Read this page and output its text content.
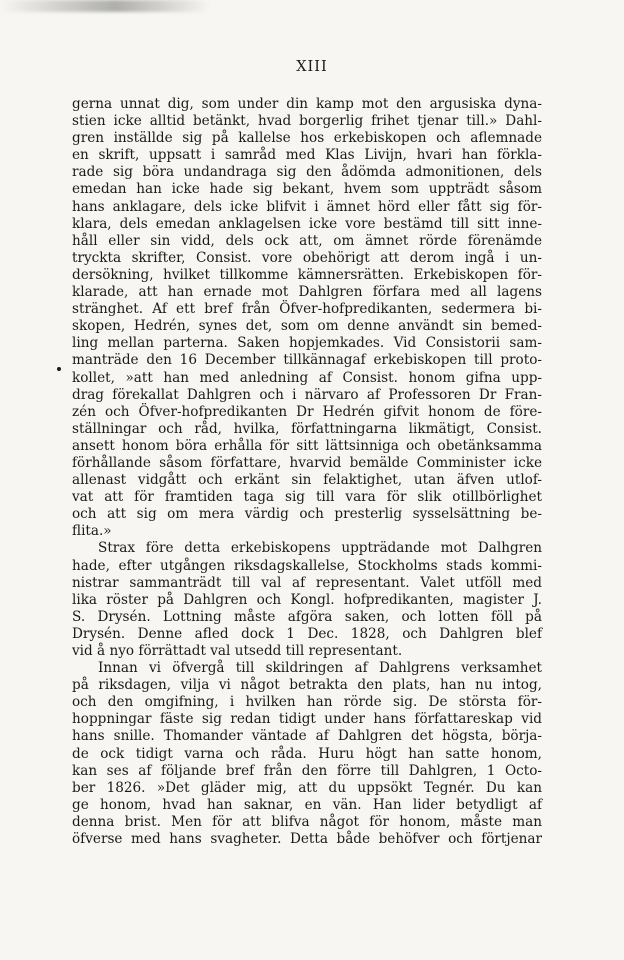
XIII
gerna unnat dig, som under din kamp mot den argusiska dyna-
stien icke alltid betänkt, hvad borgerlig frihet tjenar till.» Dahl-
gren inställde sig på kallelse hos erkebiskopen och aflemnade
en skrift, uppsatt i samråd med Klas Livijn, hvari han förkla-
rade sig böra undandraga sig den ådömda admonitionen, dels
emedan han icke hade sig bekant, hvem som uppträdt såsom
hans anklagare, dels icke blifvit i ämnet hörd eller fått sig för-
klara, dels emedan anklagelsen icke vore bestämd till sitt inne-
håll eller sin vidd, dels ock att, om ämnet rörde förenämde
tryckta skrifter, Consist. vore obehörigt att derom ingå i un-
dersökning, hvilket tillkomme kämnersrätten. Erkebiskopen för-
klarade, att han ernade mot Dahlgren förfara med all lagens
stränghet. Af ett bref från Öfver-hofpredikanten, sedermera bi-
skopen, Hedrén, synes det, som om denne användt sin bemed-
ling mellan parterna. Saken hopjemkades. Vid Consistorii sam-
manträde den 16 December tillkännagaf erkebiskopen till proto-
kollet, »att han med anledning af Consist. honom gifna upp-
drag förekallat Dahlgren och i närvaro af Professoren Dr Fran-
zén och Öfver-hofpredikanten Dr Hedrén gifvit honom de före-
ställningar och råd, hvilka, författningarna likmätigt, Consist.
ansett honom böra erhålla för sitt lättsinniga och obetänksamma
förhållande såsom författare, hvarvid bemälde Comminister icke
allenast vidgått och erkänt sin felaktighet, utan äfven utlof-
vat att för framtiden taga sig till vara för slik otillbörlighet
och att sig om mera värdig och presterlig sysselsättning be-
flita.»
Strax före detta erkebiskopens uppträdande mot Dalhgren
hade, efter utgången riksdagskallelse, Stockholms stads kommi-
nistrar sammanträdt till val af representant. Valet utföll med
lika röster på Dahlgren och Kongl. hofpredikanten, magister J.
S. Drysén. Lottning måste afgöra saken, och lotten föll på
Drysén. Denne afled dock 1 Dec. 1828, och Dahlgren blef
vid å nyo förrättadt val utsedd till representant.
Innan vi öfvergå till skildringen af Dahlgrens verksamhet
på riksdagen, vilja vi något betrakta den plats, han nu intog,
och den omgifning, i hvilken han rörde sig. De största för-
hoppningar fäste sig redan tidigt under hans författareskap vid
hans snille. Thomander väntade af Dahlgren det högsta, börja-
de ock tidigt varna och råda. Huru högt han satte honom,
kan ses af följande bref från den förre till Dahlgren, 1 Octo-
ber 1826. »Det gläder mig, att du uppsökt Tegnér. Du kan
ge honom, hvad han saknar, en vän. Han lider betydligt af
denna brist. Men för att blifva något för honom, måste man
öfverse med hans svagheter. Detta både behöfver och förtjenar
